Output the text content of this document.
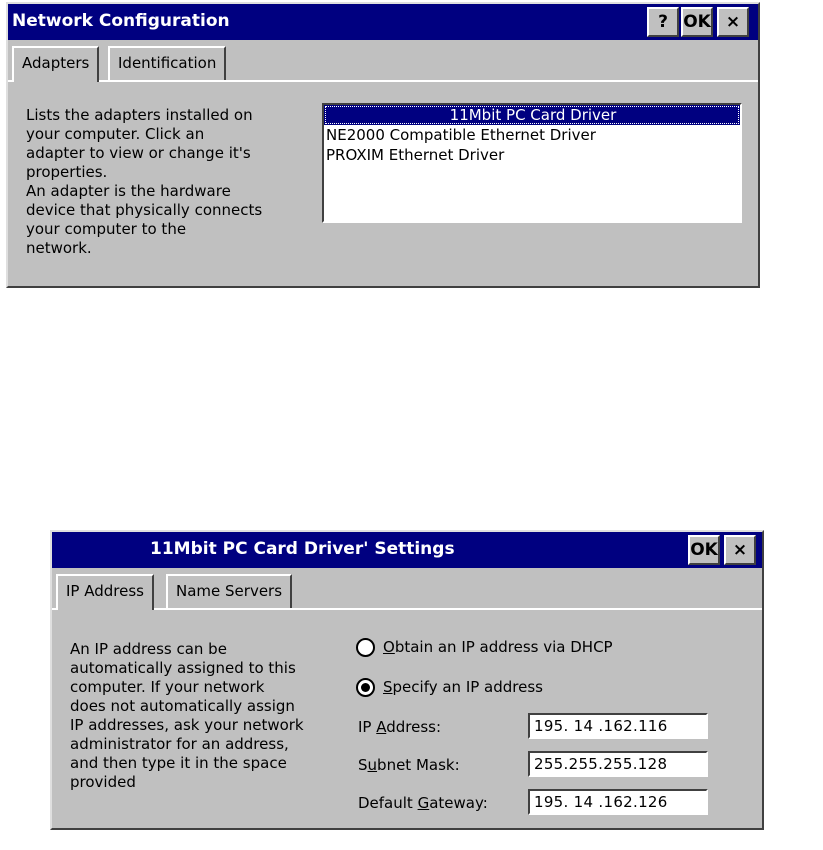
Network Configuration	? OK ×
Adapters	Identification
Lists the adapters installed on
your computer. Click an
adapter to view or change it's
properties.
An adapter is the hardware
device that physically connects
your computer to the
network.
11Mbit PC Card Driver
NE2000 Compatible Ethernet Driver
PROXIM Ethernet Driver
11Mbit PC Card Driver' Settings	OK ×
IP Address	Name Servers
An IP address can be
automatically assigned to this
computer. If your network
does not automatically assign
IP addresses, ask your network
administrator for an address,
and then type it in the space
provided
Obtain an IP address via DHCP
Specify an IP address
IP Address:	195. 14 .162.116
Subnet Mask:	255.255.255.128
Default Gateway:	195. 14 .162.126
